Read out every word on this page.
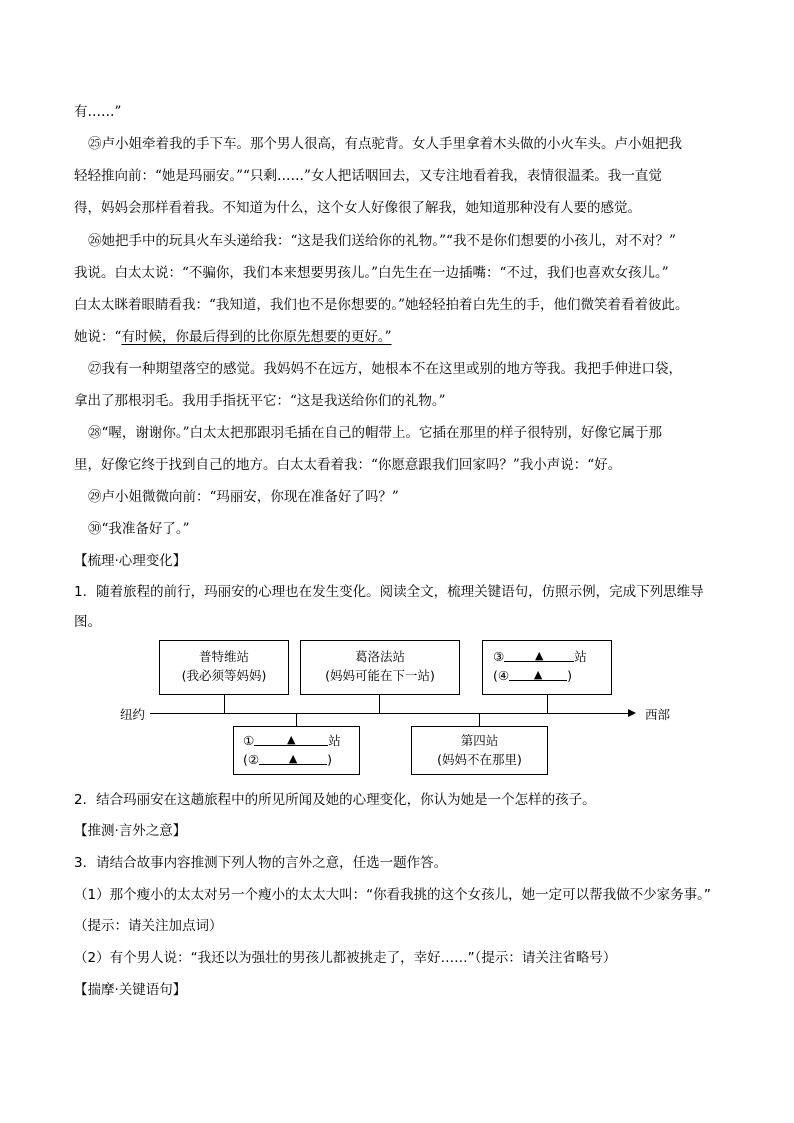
有……”
㉕卢小姐牵着我的手下车。那个男人很高，有点驼背。女人手里拿着木头做的小火车头。卢小姐把我
轻轻推向前：“她是玛丽安。”“只剩……”女人把话咽回去，又专注地看着我，表情很温柔。我一直觉
得，妈妈会那样看着我。不知道为什么，这个女人好像很了解我，她知道那种没有人要的感觉。
㉖她把手中的玩具火车头递给我：“这是我们送给你的礼物。”“我不是你们想要的小孩儿，对不对？”
我说。白太太说：“不骗你，我们本来想要男孩儿。”白先生在一边插嘴：“不过，我们也喜欢女孩儿。”
白太太眯着眼睛看我：“我知道，我们也不是你想要的。”她轻轻拍着白先生的手，他们微笑着看着彼此。
她说：“有时候，你最后得到的比你原先想要的更好。”
㉗我有一种期望落空的感觉。我妈妈不在远方，她根本不在这里或别的地方等我。我把手伸进口袋，
拿出了那根羽毛。我用手指抚平它：“这是我送给你们的礼物。”
㉘“喔，谢谢你。”白太太把那跟羽毛插在自己的帽带上。它插在那里的样子很特别，好像它属于那
里，好像它终于找到自己的地方。白太太看着我：“你愿意跟我们回家吗？”我小声说：“好。
㉙卢小姐微微向前：“玛丽安，你现在准备好了吗？”
㉚“我准备好了。”
【梳理·心理变化】
1．随着旅程的前行，玛丽安的心理也在发生变化。阅读全文，梳理关键语句，仿照示例，完成下列思维导
图。
纽约	西部
普特维站
(我必须等妈妈)
葛洛法站
(妈妈可能在下一站)
③	▲ 站
(④ ▲ )
①	▲	站
(②	▲ )
第四站
(妈妈不在那里)
2．结合玛丽安在这趟旅程中的所见所闻及她的心理变化，你认为她是一个怎样的孩子。
【推测·言外之意】
3．请结合故事内容推测下列人物的言外之意，任选一题作答。
（1）那个瘦小的太太对另一个瘦小的太太大叫：“你看我挑的这个女孩儿，她一定可以帮我做不少家务事。”
（提示：请关注加点词）
（2）有个男人说：“我还以为强壮的男孩儿都被挑走了，幸好……”（提示：请关注省略号）
【揣摩·关键语句】
